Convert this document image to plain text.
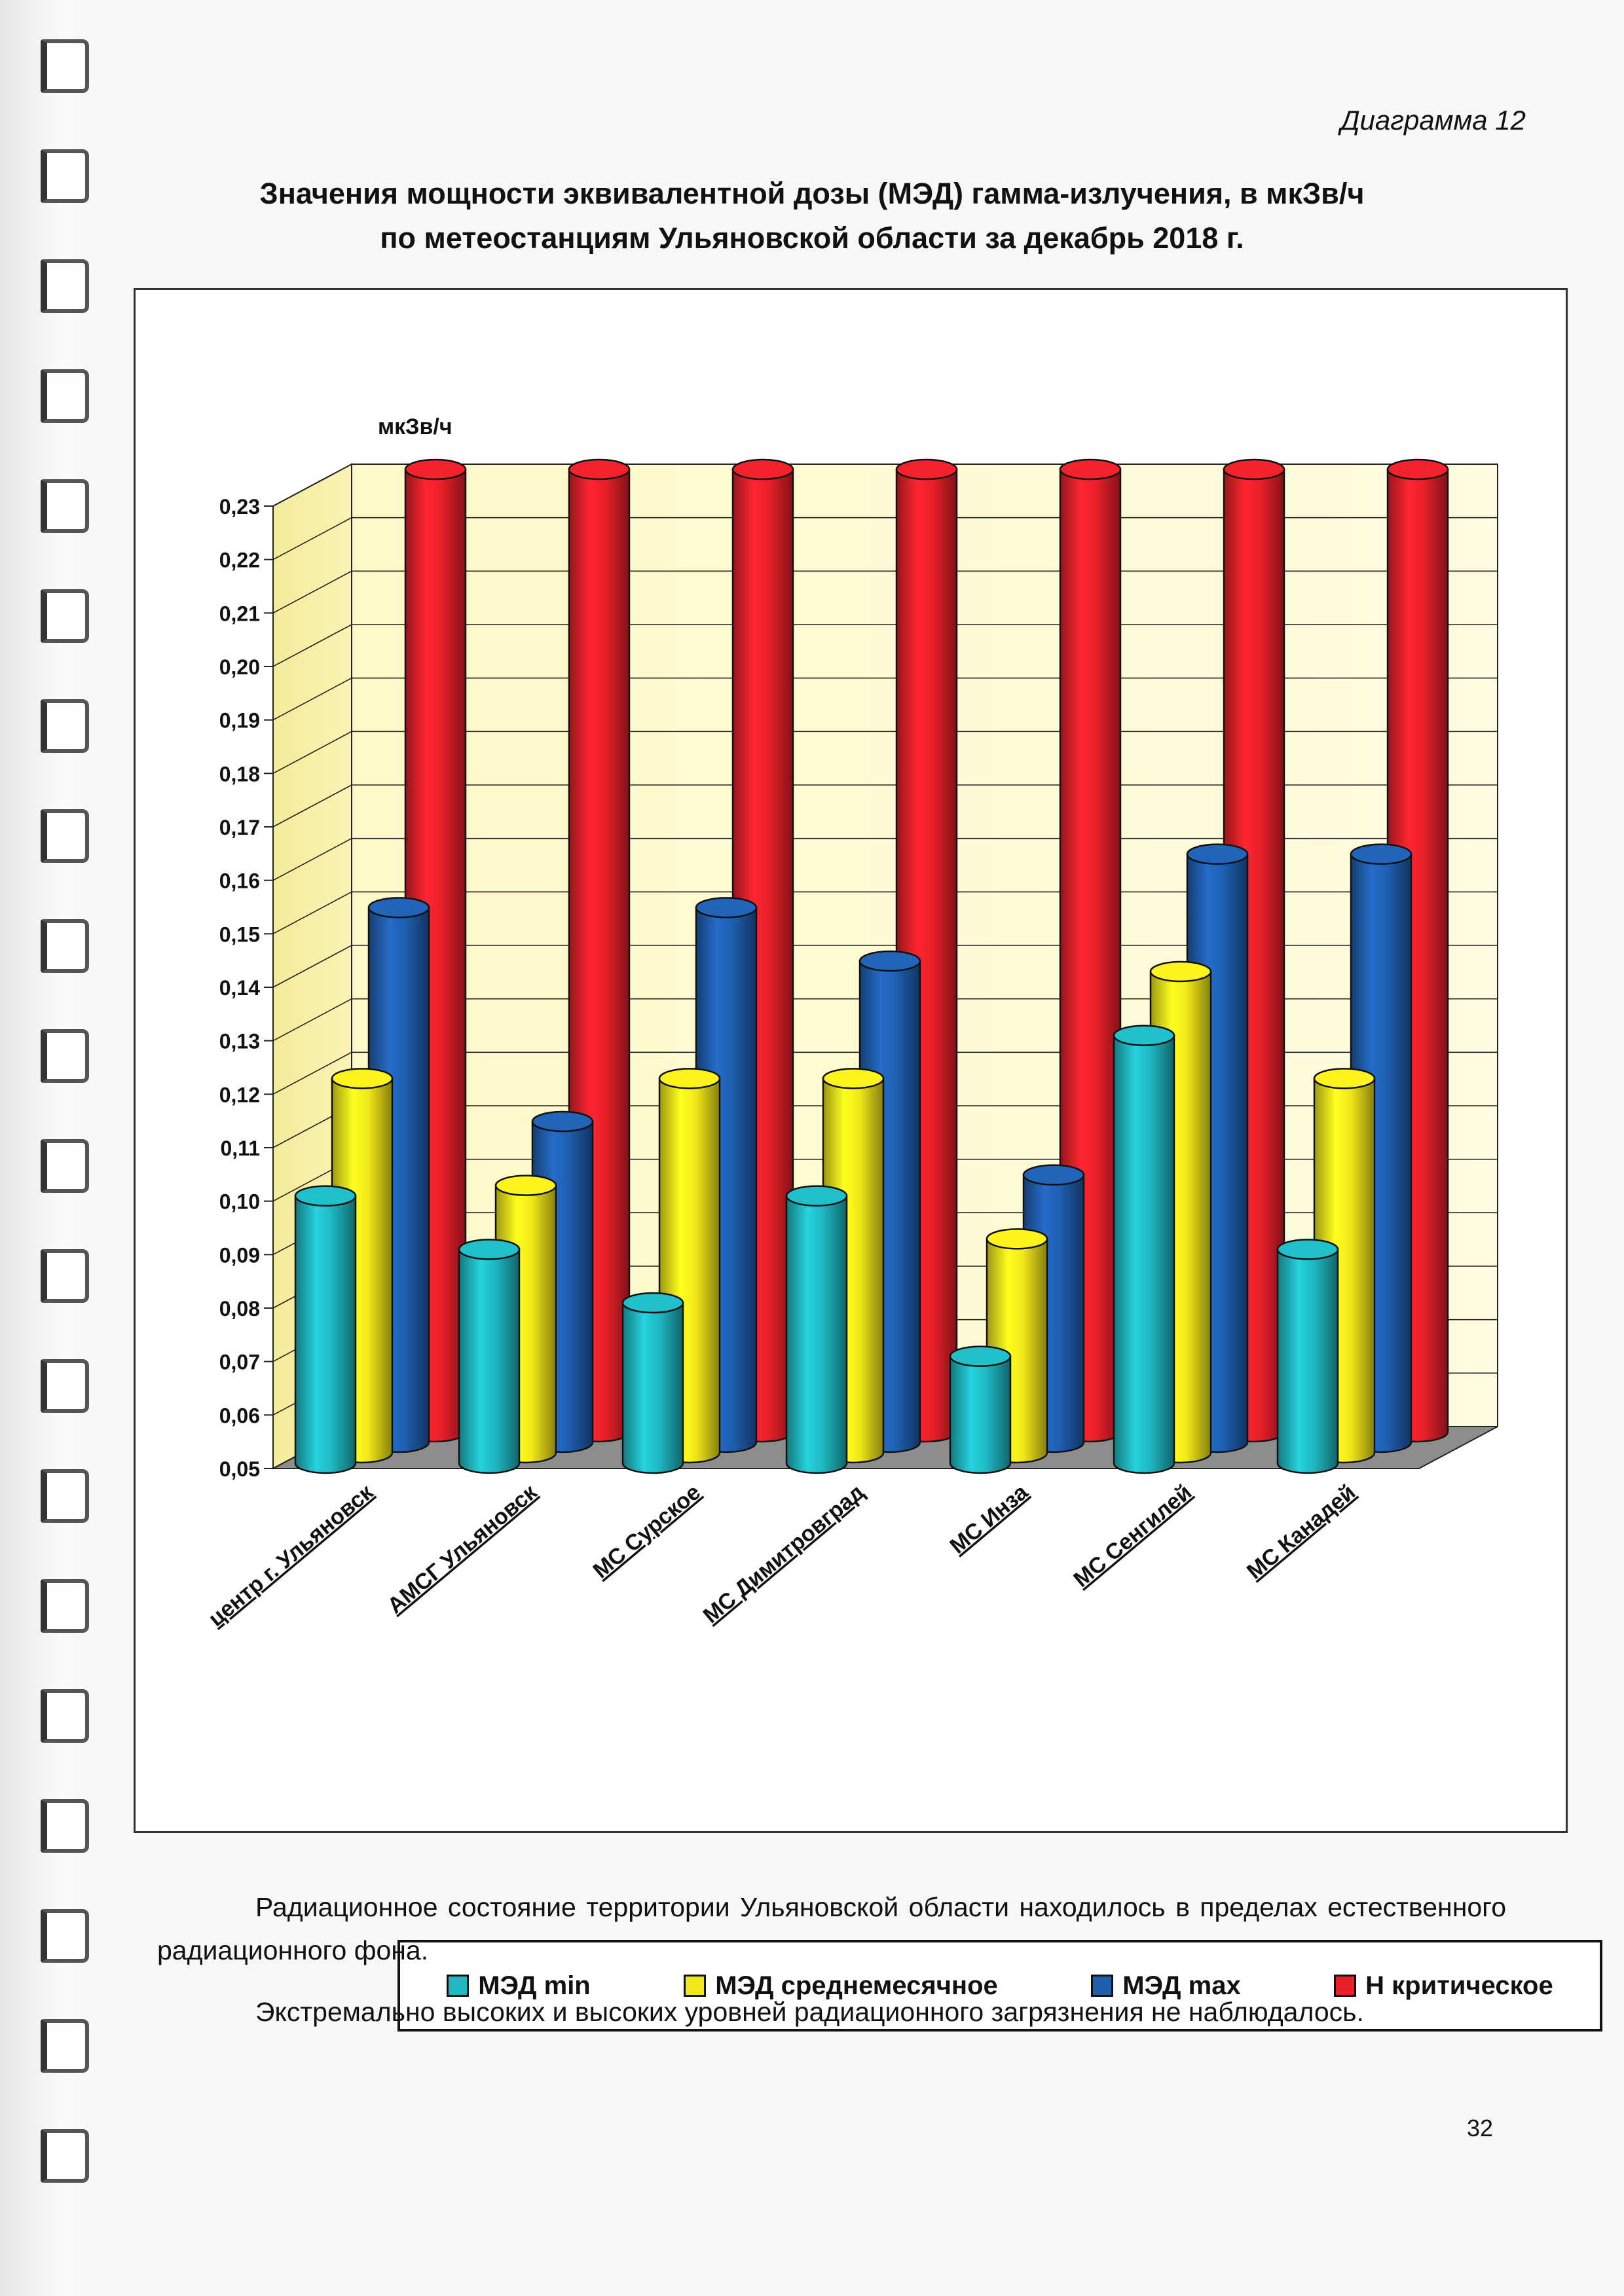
Диаграмма 12
Значения мощности эквивалентной дозы (МЭД) гамма-излучения, в мкЗв/ч
по метеостанциям Ульяновской области за декабрь 2018 г.
0,05
0,06
0,07
0,08
0,09
0,10
0,11
0,12
0,13
0,14
0,15
0,16
0,17
0,18
0,19
0,20
0,21
0,22
0,23
мкЗв/ч
центр г. Ульяновск АМСГ Ульяновск МС Сурское
МС Димитровград	МС Инза МС Сенгилей МС Канадей
МЭД min	МЭД среднемесячное	МЭД max	Н критическое
Радиационное состояние территории Ульяновской области находилось в пределах естественного радиационного фона.
Экстремально высоких и высоких уровней радиационного загрязнения не наблюдалось.
32
